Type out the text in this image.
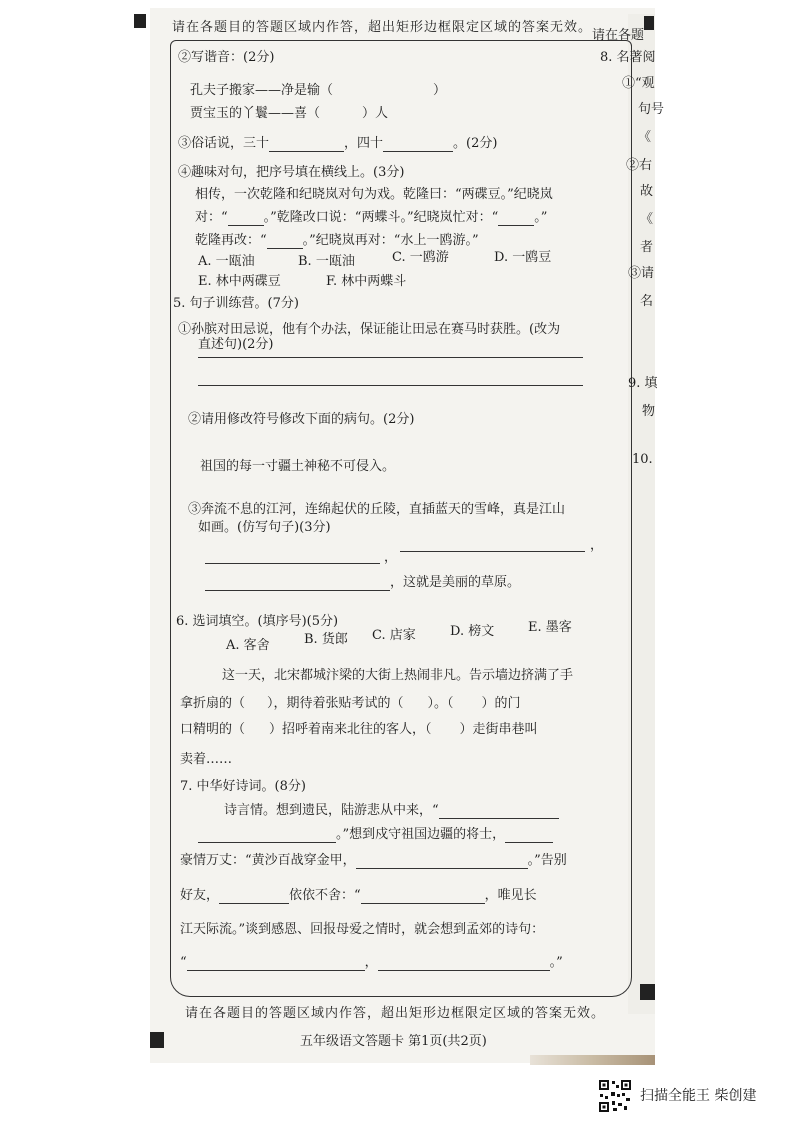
请在各题目的答题区域内作答，超出矩形边框限定区域的答案无效。
②写谐音：(2分)
孔夫子搬家——净是输（	）
贾宝玉的丫鬟——喜（	）人
③俗话说，三十	，四十	。(2分)
④趣味对句，把序号填在横线上。(3分)
相传，一次乾隆和纪晓岚对句为戏。乾隆曰：“两碟豆。”纪晓岚
对：“	。”乾隆改口说：“两蝶斗。”纪晓岚忙对：“	。”
乾隆再改：“	。”纪晓岚再对：“水上一鸥游。”
A. 一瓯油	B. 一瓯油	C. 一鸥游	D. 一鸥豆
E. 林中两碟豆	F. 林中两蝶斗
5. 句子训练营。(7分)
①孙膑对田忌说，他有个办法，保证能让田忌在赛马时获胜。(改为
直述句)(2分)
②请用修改符号修改下面的病句。(2分)
祖国的每一寸疆土神秘不可侵入。
③奔流不息的江河，连绵起伏的丘陵，直插蓝天的雪峰，真是江山
如画。(仿写句子)(3分)
，
，
，这就是美丽的草原。
6. 选词填空。(填序号)(5分)
A. 客舍	B. 货郎 C. 店家	D. 榜文	E. 墨客
这一天，北宋都城汴梁的大街上热闹非凡。告示墙边挤满了手
拿折扇的（ ），期待着张贴考试的（ ）。（ ）的门
口精明的（ ）招呼着南来北往的客人，（ ）走街串巷叫
卖着……
7. 中华好诗词。(8分)
诗言情。想到遗民，陆游悲从中来，“
。”想到戍守祖国边疆的将士，
豪情万丈：“黄沙百战穿金甲，	。”告别
好友，	依依不舍：“	，唯见长
江天际流。”谈到感恩、回报母爱之情时，就会想到孟郊的诗句：
“	，	。”
请在各题目的答题区域内作答，超出矩形边框限定区域的答案无效。
五年级语文答题卡 第1页(共2页)
请在各题
8. 名著阅
①“观
句号
《
②右
故
《
者
③请
名
9. 填
物
10.
扫描全能王 柴创建
